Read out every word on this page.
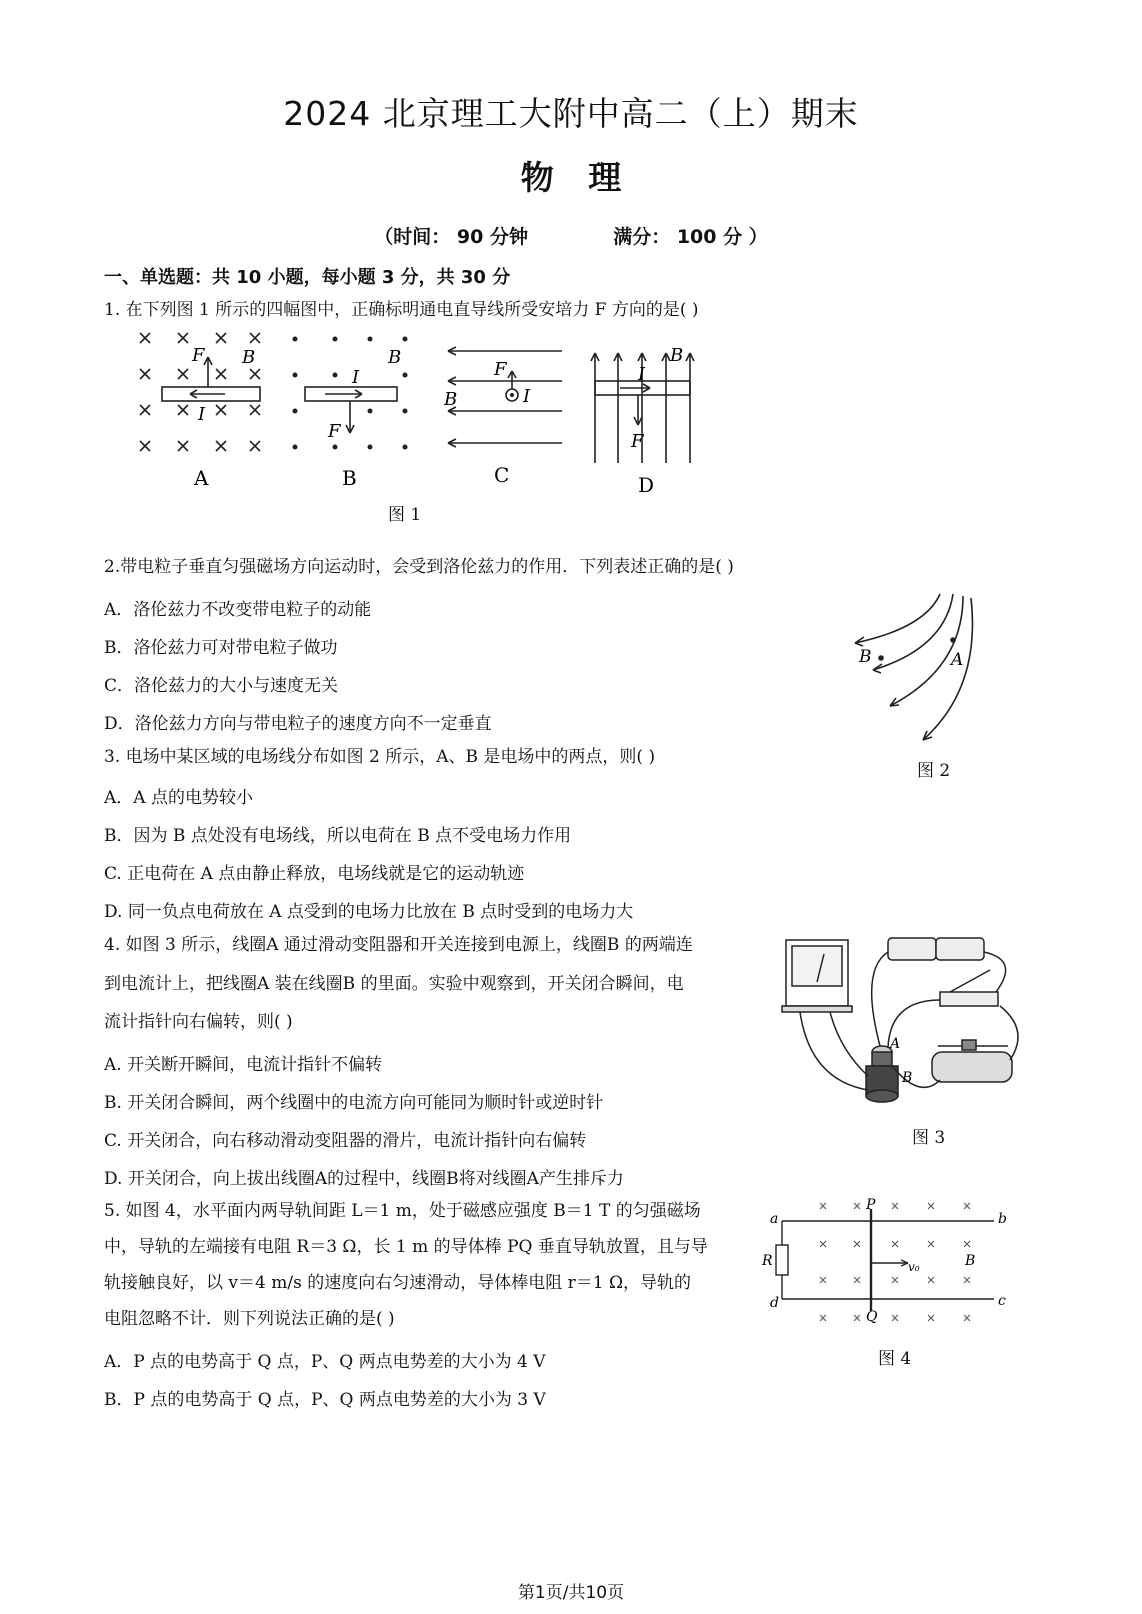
2024 北京理工大附中高二（上）期末
物   理
（时间： 90 分钟	满分： 100 分 ）
一、单选题：共 10 小题，每小题 3 分，共 30 分
1. 在下列图 1 所示的四幅图中，正确标明通电直导线所受安培力 F 方向的是( )
F B
I
A
B
I
F
B
F
B	I
C
B
I
F
D
图 1
2.带电粒子垂直匀强磁场方向运动时，会受到洛伦兹力的作用．下列表述正确的是( )
A．洛伦兹力不改变带电粒子的动能
B．洛伦兹力可对带电粒子做功
C．洛伦兹力的大小与速度无关
D．洛伦兹力方向与带电粒子的速度方向不一定垂直
A
B
图 2
3. 电场中某区域的电场线分布如图 2 所示，A、B 是电场中的两点，则( )
A．A 点的电势较小
B．因为 B 点处没有电场线，所以电荷在 B 点不受电场力作用
C. 正电荷在 A 点由静止释放，电场线就是它的运动轨迹
D. 同一负点电荷放在 A 点受到的电场力比放在 B 点时受到的电场力大
4. 如图 3 所示，线圈A 通过滑动变阻器和开关连接到电源上，线圈B 的两端连
到电流计上，把线圈A 装在线圈B 的里面。实验中观察到，开关闭合瞬间，电
流计指针向右偏转，则( )
A. 开关断开瞬间，电流计指针不偏转
B. 开关闭合瞬间，两个线圈中的电流方向可能同为顺时针或逆时针
C. 开关闭合，向右移动滑动变阻器的滑片，电流计指针向右偏转
D. 开关闭合，向上拔出线圈A的过程中，线圈B将对线圈A产生排斥力
A
B
图 3
5. 如图 4，水平面内两导轨间距 L＝1 m，处于磁感应强度 B＝1 T 的匀强磁场
中，导轨的左端接有电阻 R＝3 Ω，长 1 m 的导体棒 PQ 垂直导轨放置，且与导
轨接触良好，以 v＝4 m/s 的速度向右匀速滑动，导体棒电阻 r＝1 Ω，导轨的
电阻忽略不计．则下列说法正确的是( )
A．P 点的电势高于 Q 点，P、Q 两点电势差的大小为 4 V
B．P 点的电势高于 Q 点，P、Q 两点电势差的大小为 3 V
a	b
c
d
P
Q
R	B
v₀
图 4
第1页/共10页
